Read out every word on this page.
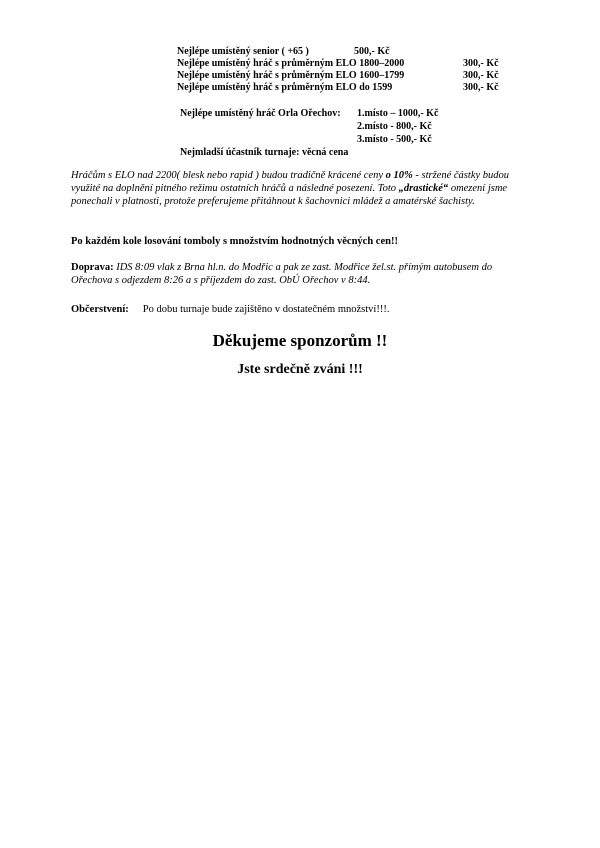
Nejlépe umístěný senior ( +65 )	500,- Kč
Nejlépe umístěný hráč s průměrným ELO 1800–2000	300,- Kč
Nejlépe umístěný hráč s průměrným ELO 1600–1799	300,- Kč
Nejlépe umístěný hráč s průměrným ELO do 1599	300,- Kč
Nejlépe umístěný hráč Orla Ořechov: 1.místo – 1000,- Kč
2.místo - 800,- Kč
3.místo - 500,- Kč
Nejmladší účastník turnaje: věcná cena
Hráčům s ELO nad 2200( blesk nebo rapid ) budou tradičně krácené ceny o 10% - stržené částky budou využité na doplnění pitného režimu ostatních hráčů a následné posezení. Toto „drastické“ omezení jsme ponechali v platnosti, protože preferujeme přitáhnout k šachovnici mládež a amatérské šachisty.
Po každém kole losování tomboly s množstvím hodnotných věcných cen!!
Doprava: IDS 8:09 vlak z Brna hl.n. do Modřic a pak ze zast. Modřice žel.st. přímým autobusem do Ořechova s odjezdem 8:26 a s příjezdem do zast. ObÚ Ořechov v 8:44.
Občerstvení: Po dobu turnaje bude zajištěno v dostatečném množství!!!.
Děkujeme sponzorům !!
Jste srdečně zváni !!!
